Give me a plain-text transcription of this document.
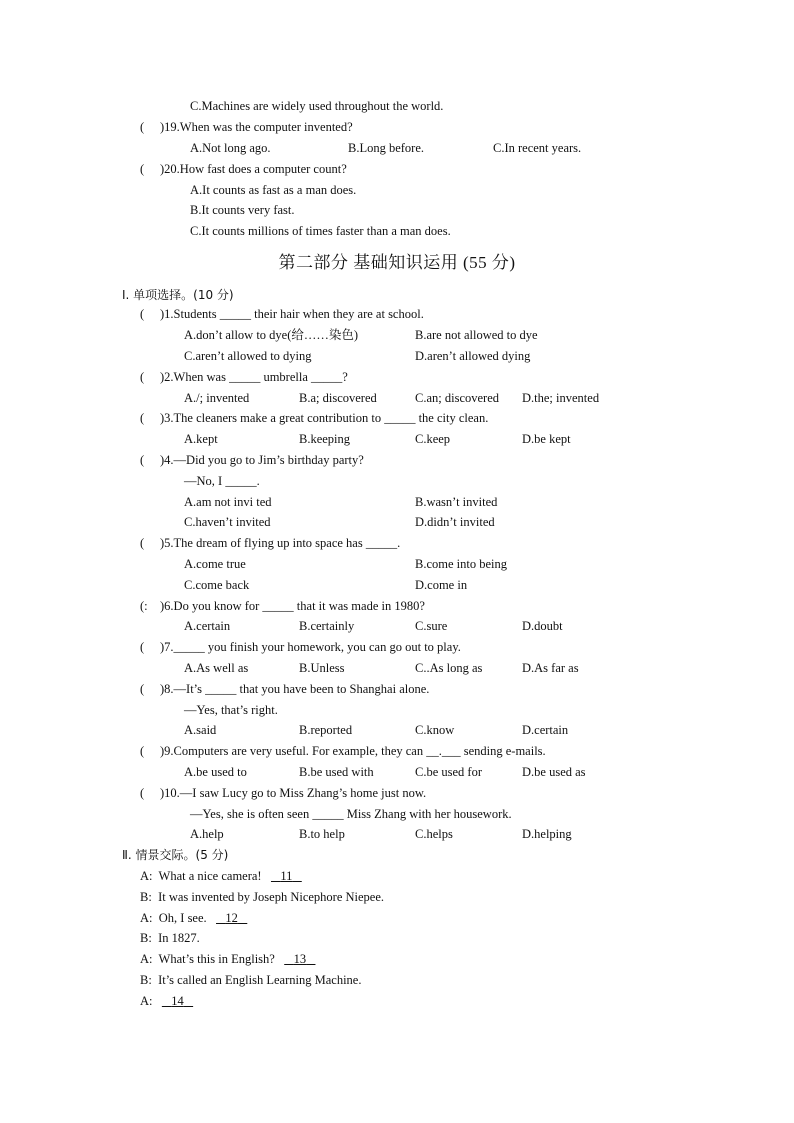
C.Machines are widely used throughout the world.
( )19.When was the computer invented?
A.Not long ago.	B.Long before.	C.In recent years.
( )20.How fast does a computer count?
A.It counts as fast as a man does.
B.It counts very fast.
C.It counts millions of times faster than a man does.
第二部分 基础知识运用 (55 分)
Ⅰ. 单项选择。(10 分)
( )1.Students _____ their hair when they are at school.
A.don’t allow to dye(给……染色)	B.are not allowed to dye
C.aren’t allowed to dying	D.aren’t allowed dying
( )2.When was _____ umbrella _____?
A./; invented	B.a; discovered	C.an; discovered D.the; invented
( )3.The cleaners make a great contribution to _____ the city clean.
A.kept	B.keeping	C.keep	D.be kept
( )4.—Did you go to Jim’s birthday party?
—No, I _____.
A.am not invi ted	B.wasn’t invited
C.haven’t invited	D.didn’t invited
( )5.The dream of flying up into space has _____.
A.come true	B.come into being
C.come back	D.come in
(: )6.Do you know for _____ that it was made in 1980?
A.certain	B.certainly	C.sure	D.doubt
( )7._____ you finish your homework, you can go out to play.
A.As well as	B.Unless	C..As long as	D.As far as
( )8.—It’s _____ that you have been to Shanghai alone.
—Yes, that’s right.
A.said	B.reported	C.know	D.certain
( )9.Computers are very useful. For example, they can __.___ sending e-mails.
A.be used to	B.be used with	C.be used for	D.be used as
( )10.—I saw Lucy go to Miss Zhang’s home just now.
—Yes, she is often seen _____ Miss Zhang with her housework.
A.help	B.to help	C.helps	D.helping
Ⅱ. 情景交际。(5 分)
A: What a nice camera! 11
B: It was invented by Joseph Nicephore Niepee.
A: Oh, I see. 12
B: In 1827.
A: What’s this in English? 13
B: It’s called an English Learning Machine.
A: 14
